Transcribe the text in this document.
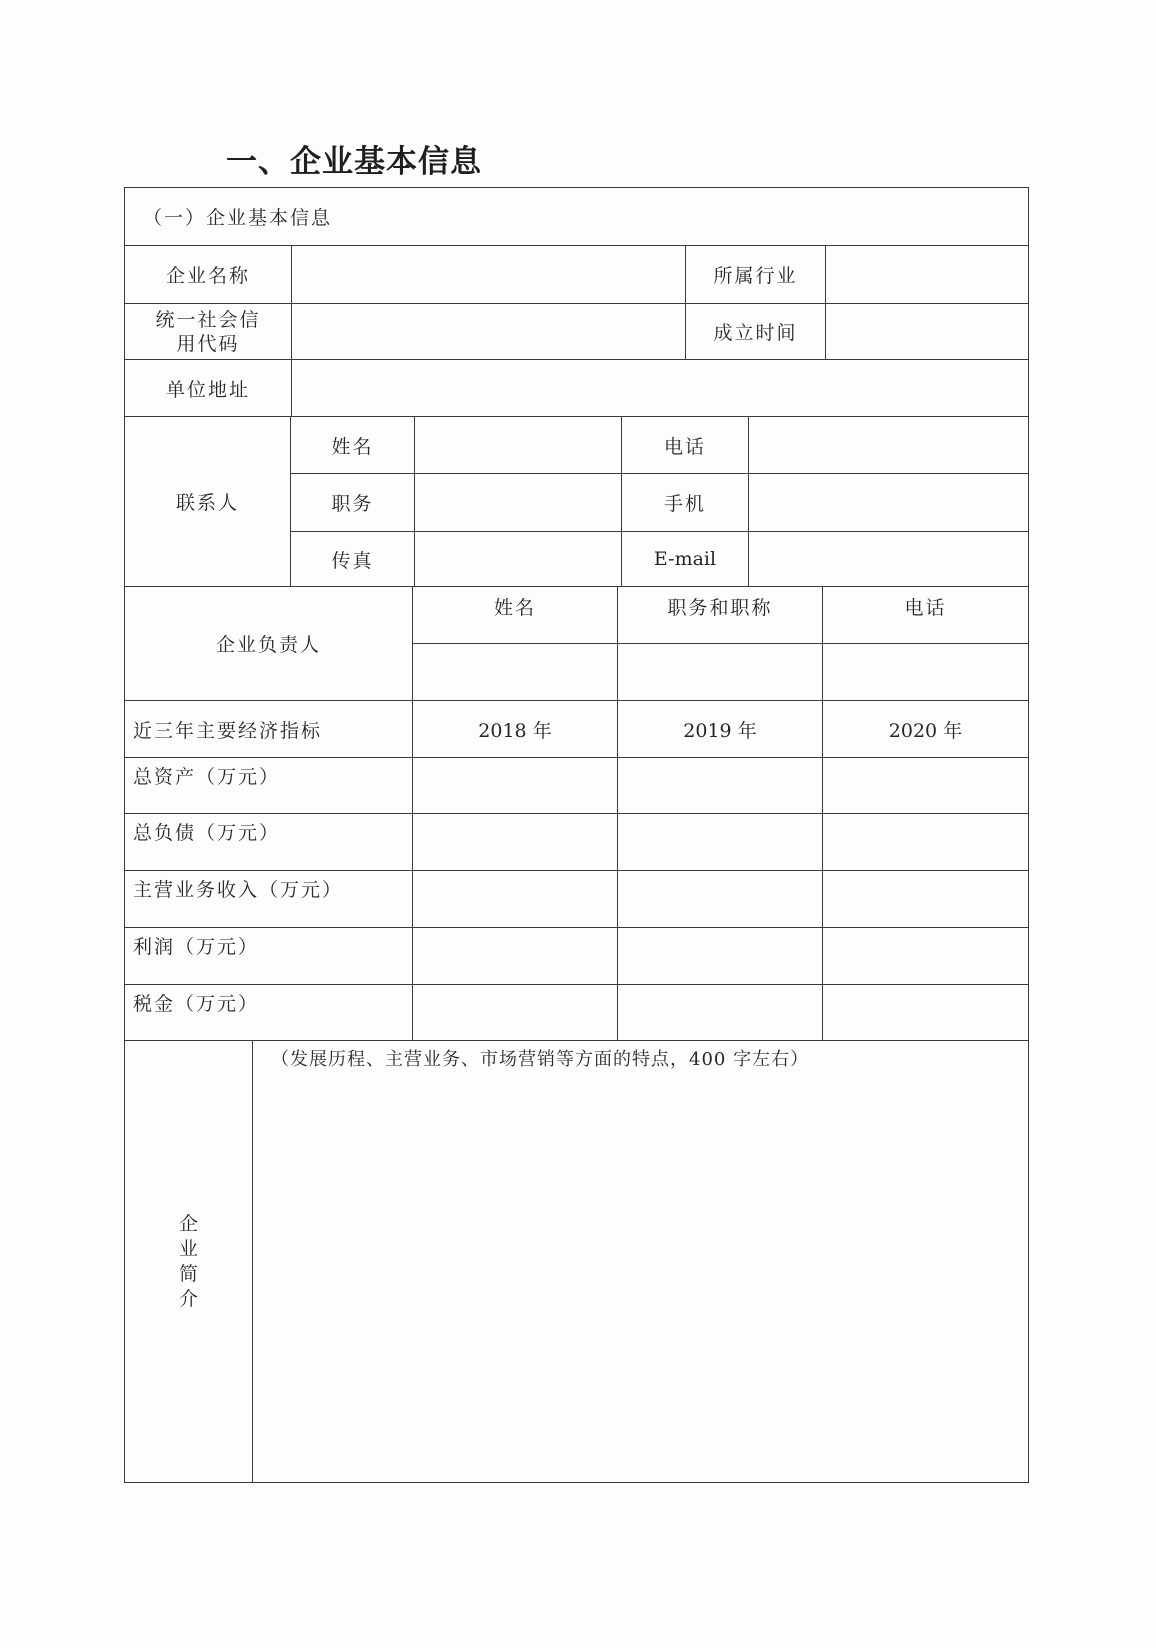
一、企业基本信息
（一）企业基本信息
企业名称	所属行业
统一社会信用代码	成立时间
单位地址
联系人
姓名	电话
职务	手机
传真	E-mail
企业负责人
姓名	职务和职称	电话
近三年主要经济指标	2018 年	2019 年	2020 年
总资产（万元）
总负债（万元）
主营业务收入（万元）
利润（万元）
税金（万元）
企业简介
（发展历程、主营业务、市场营销等方面的特点，400 字左右）
